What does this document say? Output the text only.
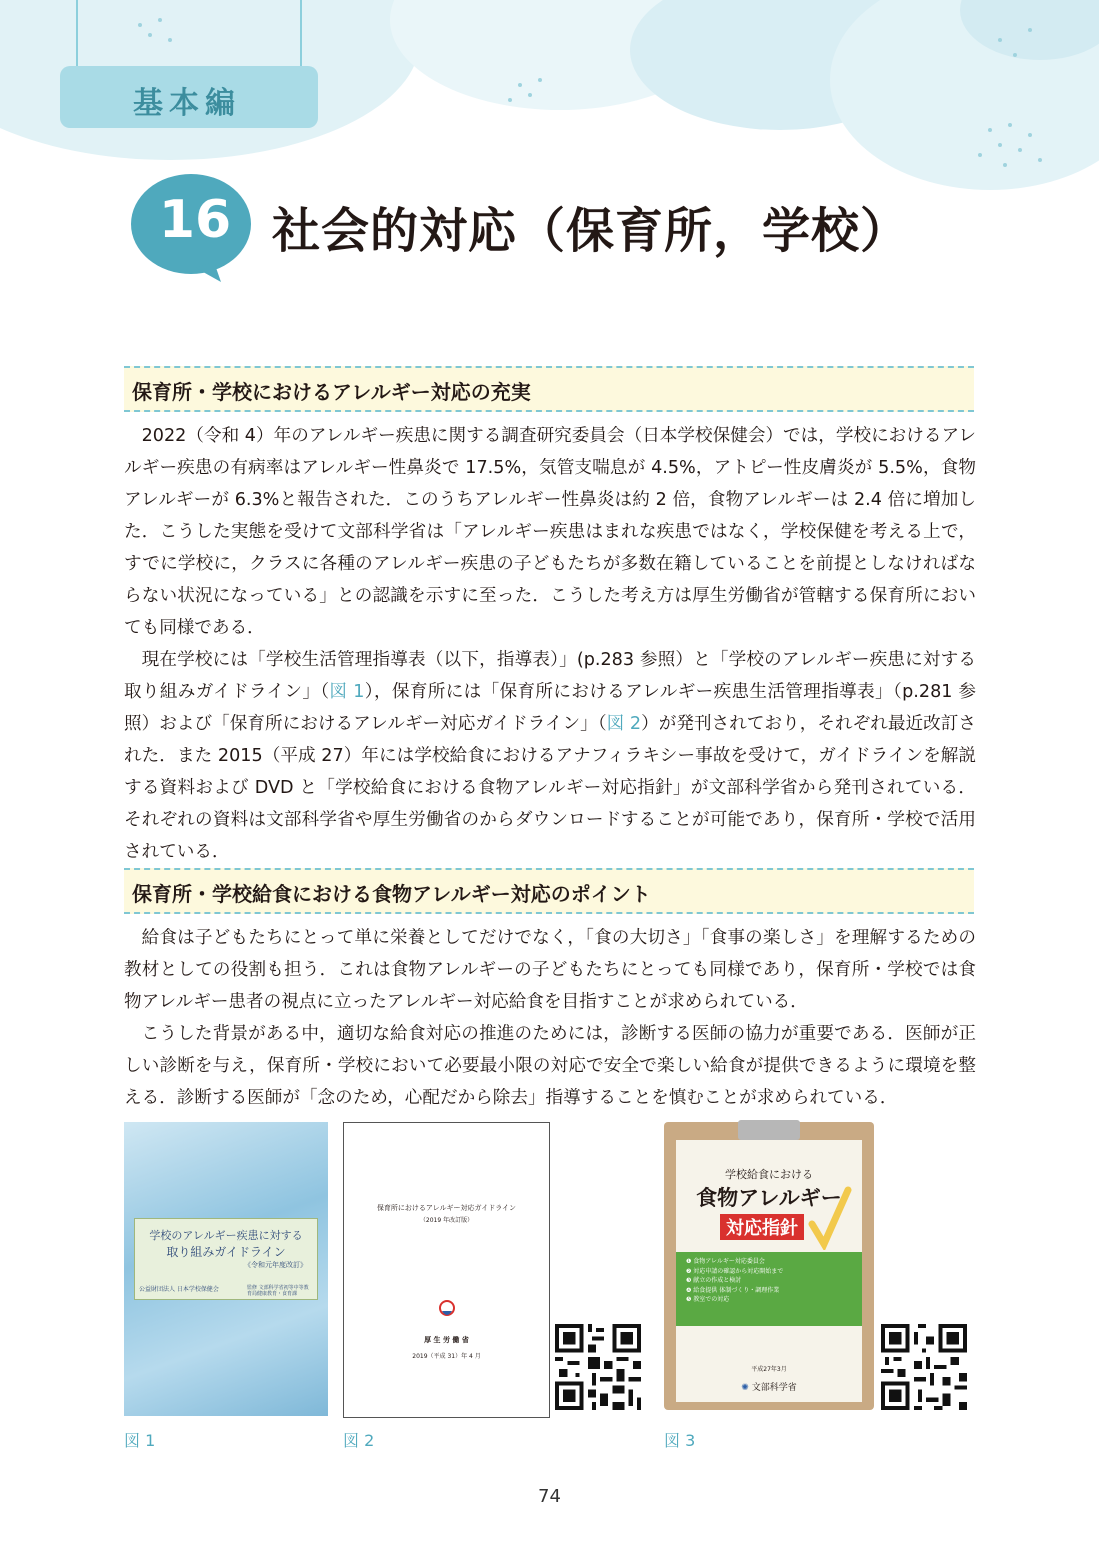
基本編
16 社会的対応（保育所，学校）
保育所・学校におけるアレルギー対応の充実

2022（令和 4）年のアレルギー疾患に関する調査研究委員会（日本学校保健会）では，学校におけるアレルギー疾患の有病率はアレルギー性鼻炎で 17.5%，気管支喘息が 4.5%，アトピー性皮膚炎が 5.5%，食物アレルギーが 6.3%と報告された．このうちアレルギー性鼻炎は約 2 倍，食物アレルギーは 2.4 倍に増加した．こうした実態を受けて文部科学省は「アレルギー疾患はまれな疾患ではなく，学校保健を考える上で，すでに学校に，クラスに各種のアレルギー疾患の子どもたちが多数在籍していることを前提としなければならない状況になっている」との認識を示すに至った．こうした考え方は厚生労働省が管轄する保育所においても同様である．

現在学校には「学校生活管理指導表（以下，指導表）」(p.283 参照）と「学校のアレルギー疾患に対する取り組みガイドライン」（図 1），保育所には「保育所におけるアレルギー疾患生活管理指導表」（p.281 参照）および「保育所におけるアレルギー対応ガイドライン」（図 2）が発刊されており，それぞれ最近改訂された．また 2015（平成 27）年には学校給食におけるアナフィラキシー事故を受けて，ガイドラインを解説する資料および DVD と「学校給食における食物アレルギー対応指針」が文部科学省から発刊されている．それぞれの資料は文部科学省や厚生労働省のからダウンロードすることが可能であり，保育所・学校で活用されている．

保育所・学校給食における食物アレルギー対応のポイント

給食は子どもたちにとって単に栄養としてだけでなく，「食の大切さ」「食事の楽しさ」を理解するための教材としての役割も担う．これは食物アレルギーの子どもたちにとっても同様であり，保育所・学校では食物アレルギー患者の視点に立ったアレルギー対応給食を目指すことが求められている．

こうした背景がある中，適切な給食対応の推進のためには，診断する医師の協力が重要である．医師が正しい診断を与え，保育所・学校において必要最小限の対応で安全で楽しい給食が提供できるように環境を整える．診断する医師が「念のため，心配だから除去」指導することを慎むことが求められている．

学校のアレルギー疾患に対する
取り組みガイドライン
《令和元年度改訂》
公益財団法人 日本学校保健会	監修 文部科学省初等中等教育局健康教育・食育課
図 1
保育所におけるアレルギー対応ガイドライン
（2019 年改訂版）
厚 生 労 働 省
2019（平成 31）年 4 月
図 2
学校給食における
食物アレルギー
対応指針
❶ 食物アレルギー対応委員会
❷ 対応申請の確認から対応開始まで
❸ 献立の作成と検討
❹ 給食提供 体制づくり・調理作業
❺ 教室での対応
平成27年3月
✺ 文部科学省
図 3
74
